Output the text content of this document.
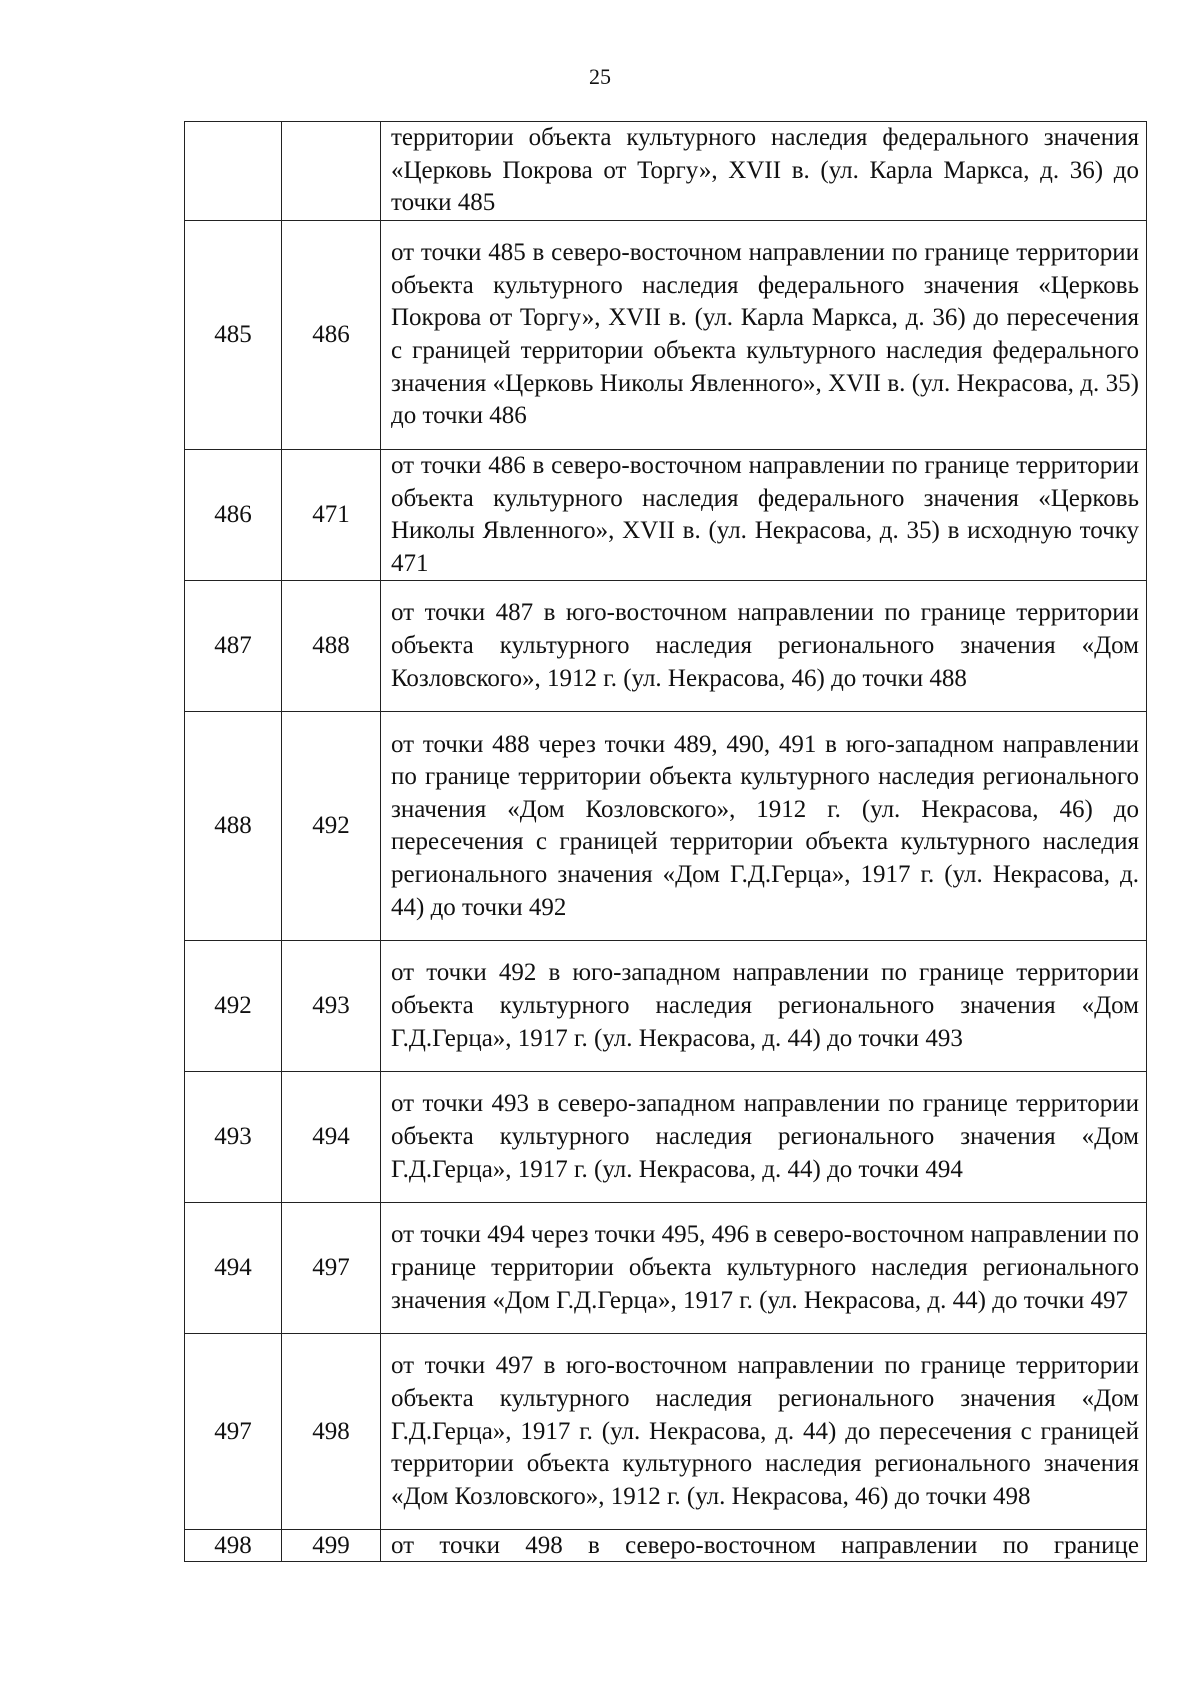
25
		территории объекта культурного наследия федерального значения «Церковь Покрова от Торгу», XVII в. (ул. Карла Маркса, д. 36) до точки 485
485	486	от точки 485 в северо-восточном направлении по границе территории объекта культурного наследия федерального значения «Церковь Покрова от Торгу», XVII в. (ул. Карла Маркса, д. 36) до пересечения с границей территории объекта культурного наследия федерального значения «Церковь Николы Явленного», XVII в. (ул. Некрасова, д. 35) до точки 486
486	471	от точки 486 в северо-восточном направлении по границе территории объекта культурного наследия федерального значения «Церковь Николы Явленного», XVII в. (ул. Некрасова, д. 35) в исходную точку 471
487	488	от точки 487 в юго-восточном направлении по границе территории объекта культурного наследия регионального значения «Дом Козловского», 1912 г. (ул. Некрасова, 46) до точки 488
488	492	от точки 488 через точки 489, 490, 491 в юго-западном направлении по границе территории объекта культурного наследия регионального значения «Дом Козловского», 1912 г. (ул. Некрасова, 46) до пересечения с границей территории объекта культурного наследия регионального значения «Дом Г.Д.Герца», 1917 г. (ул. Некрасова, д. 44) до точки 492
492	493	от точки 492 в юго-западном направлении по границе территории объекта культурного наследия регионального значения «Дом Г.Д.Герца», 1917 г. (ул. Некрасова, д. 44) до точки 493
493	494	от точки 493 в северо-западном направлении по границе территории объекта культурного наследия регионального значения «Дом Г.Д.Герца», 1917 г. (ул. Некрасова, д. 44) до точки 494
494	497	от точки 494 через точки 495, 496 в северо-восточном направлении по границе территории объекта культурного наследия регионального значения «Дом Г.Д.Герца», 1917 г. (ул. Некрасова, д. 44) до точки 497
497	498	от точки 497 в юго-восточном направлении по границе территории объекта культурного наследия регионального значения «Дом Г.Д.Герца», 1917 г. (ул. Некрасова, д. 44) до пересечения с границей территории объекта культурного наследия регионального значения «Дом Козловского», 1912 г. (ул. Некрасова, 46) до точки 498
498	499	от точки 498 в северо-восточном направлении по границе
